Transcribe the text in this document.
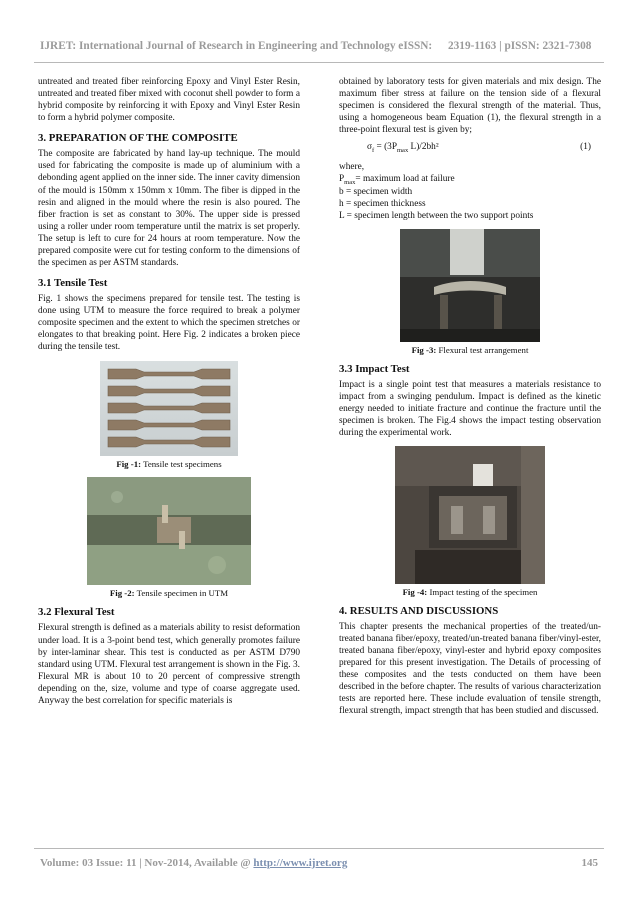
IJRET: International Journal of Research in Engineering and Technology eISSN: 2319-1163 | pISSN: 2321-7308

untreated and treated fiber reinforcing Epoxy and Vinyl Ester Resin, untreated and treated fiber mixed with coconut shell powder to form a hybrid composite by reinforcing it with Epoxy and Vinyl Ester Resin to form a hybrid polymer composite.

3. PREPARATION OF THE COMPOSITE

The composite are fabricated by hand lay-up technique. The mould used for fabricating the composite is made up of aluminium with a debonding agent applied on the inner side. The inner cavity dimension of the mould is 150mm x 150mm x 10mm. The fiber is dipped in the resin and aligned in the mould where the resin is also poured. The fiber fraction is set as constant to 30%. The upper side is pressed using a roller under room temperature until the matrix is set properly. The setup is left to cure for 24 hours at room temperature. Now the prepared composite were cut for testing conform to the dimensions of the specimen as per ASTM standards.

3.1 Tensile Test

Fig. 1 shows the specimens prepared for tensile test. The testing is done using UTM to measure the force required to break a polymer composite specimen and the extent to which the specimen stretches or elongates to that breaking point. Here Fig. 2 indicates a broken piece during the tensile test.

Fig -1: Tensile test specimens
Fig -2: Tensile specimen in UTM
3.2 Flexural Test

Flexural strength is defined as a materials ability to resist deformation under load. It is a 3-point bend test, which generally promotes failure by inter-laminar shear. This test is conducted as per ASTM D790 standard using UTM. Flexural test arrangement is shown in the Fig. 3. Flexural MR is about 10 to 20 percent of compressive strength depending on the, size, volume and type of coarse aggregate used. Anyway the best correlation for specific materials is

obtained by laboratory tests for given materials and mix design. The maximum fiber stress at failure on the tension side of a flexural specimen is considered the flexural strength of the material. Thus, using a homogeneous beam Equation (1), the flexural strength in a three-point flexural test is given by;

$\sigma_f = (3P_{max}$ L)/2bh²	(1)
where,
$P_{max}=$ maximum load at failure
b = specimen width
h = specimen thickness
L = specimen length between the two support points
Fig -3: Flexural test arrangement
3.3 Impact Test

Impact is a single point test that measures a materials resistance to impact from a swinging pendulum. Impact is defined as the kinetic energy needed to initiate fracture and continue the fracture until the specimen is broken. The Fig.4 shows the impact testing observation during the experimental work.

Fig -4: Impact testing of the specimen
4. RESULTS AND DISCUSSIONS

This chapter presents the mechanical properties of the treated/un-treated banana fiber/epoxy, treated/un-treated banana fiber/vinyl-ester, treated banana fiber/epoxy, vinyl-ester and hybrid epoxy composites prepared for this present investigation. The Details of processing of these composites and the tests conducted on them have been described in the before chapter. The results of various characterization tests are reported here. These include evaluation of tensile strength, flexural strength, impact strength that has been studied and discussed.

Volume: 03 Issue: 11 | Nov-2014, Available @ http://www.ijret.org	145
